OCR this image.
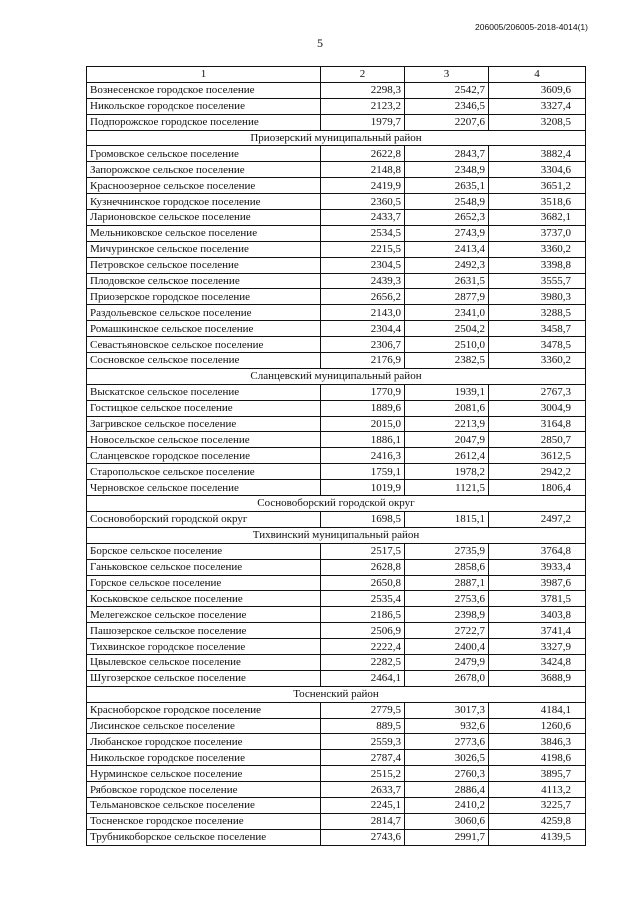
206005/206005-2018-4014(1)
5
1	2	3	4
Вознесенское городское поселение	2298,3	2542,7	3609,6
Никольское городское поселение	2123,2	2346,5	3327,4
Подпорожское городское поселение	1979,7	2207,6	3208,5
Приозерский муниципальный район			
Громовское сельское поселение	2622,8	2843,7	3882,4
Запорожское сельское поселение	2148,8	2348,9	3304,6
Красноозерное сельское поселение	2419,9	2635,1	3651,2
Кузнечнинское городское поселение	2360,5	2548,9	3518,6
Ларионовское сельское поселение	2433,7	2652,3	3682,1
Мельниковское сельское поселение	2534,5	2743,9	3737,0
Мичуринское сельское поселение	2215,5	2413,4	3360,2
Петровское сельское поселение	2304,5	2492,3	3398,8
Плодовское сельское поселение	2439,3	2631,5	3555,7
Приозерское городское поселение	2656,2	2877,9	3980,3
Раздольевское сельское поселение	2143,0	2341,0	3288,5
Ромашкинское сельское поселение	2304,4	2504,2	3458,7
Севастьяновское сельское поселение	2306,7	2510,0	3478,5
Сосновское сельское поселение	2176,9	2382,5	3360,2
Сланцевский муниципальный район			
Выскатское сельское поселение	1770,9	1939,1	2767,3
Гостицкое сельское поселение	1889,6	2081,6	3004,9
Загривское сельское поселение	2015,0	2213,9	3164,8
Новосельское сельское поселение	1886,1	2047,9	2850,7
Сланцевское городское поселение	2416,3	2612,4	3612,5
Старопольское сельское поселение	1759,1	1978,2	2942,2
Черновское сельское поселение	1019,9	1121,5	1806,4
Сосновоборский городской округ			
Сосновоборский городской округ	1698,5	1815,1	2497,2
Тихвинский муниципальный район			
Борское сельское поселение	2517,5	2735,9	3764,8
Ганьковское сельское поселение	2628,8	2858,6	3933,4
Горское сельское поселение	2650,8	2887,1	3987,6
Коськовское сельское поселение	2535,4	2753,6	3781,5
Мелегежское сельское поселение	2186,5	2398,9	3403,8
Пашозерское сельское поселение	2506,9	2722,7	3741,4
Тихвинское городское поселение	2222,4	2400,4	3327,9
Цвылевское сельское поселение	2282,5	2479,9	3424,8
Шугозерское сельское поселение	2464,1	2678,0	3688,9
Тосненский район			
Красноборское городское поселение	2779,5	3017,3	4184,1
Лисинское сельское поселение	889,5	932,6	1260,6
Любанское городское поселение	2559,3	2773,6	3846,3
Никольское городское поселение	2787,4	3026,5	4198,6
Нурминское сельское поселение	2515,2	2760,3	3895,7
Рябовское городское поселение	2633,7	2886,4	4113,2
Тельмановское сельское поселение	2245,1	2410,2	3225,7
Тосненское городское поселение	2814,7	3060,6	4259,8
Трубникоборское сельское поселение	2743,6	2991,7	4139,5
